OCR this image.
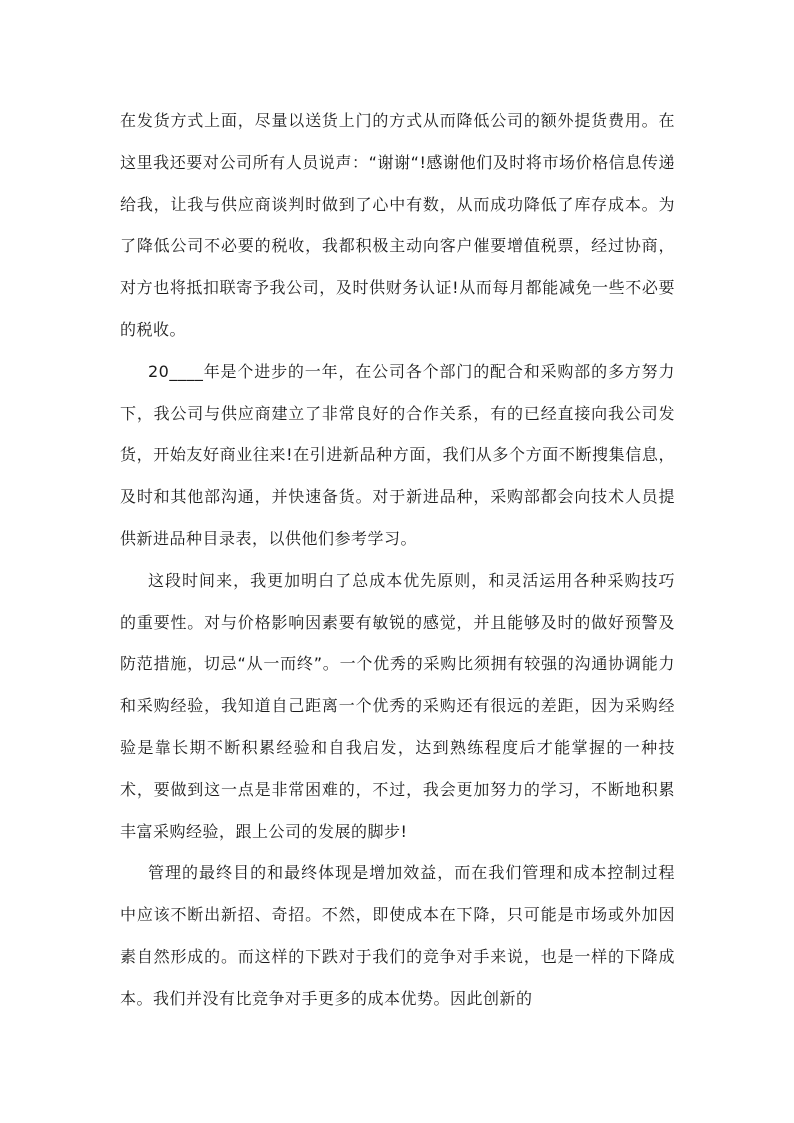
在发货方式上面，尽量以送货上门的方式从而降低公司的额外提货费用。在这里我还要对公司所有人员说声：“谢谢“!感谢他们及时将市场价格信息传递给我，让我与供应商谈判时做到了心中有数，从而成功降低了库存成本。为了降低公司不必要的税收，我都积极主动向客户催要增值税票，经过协商，对方也将抵扣联寄予我公司，及时供财务认证!从而每月都能减免一些不必要的税收。

20____年是个进步的一年，在公司各个部门的配合和采购部的多方努力下，我公司与供应商建立了非常良好的合作关系，有的已经直接向我公司发货，开始友好商业往来!在引进新品种方面，我们从多个方面不断搜集信息，及时和其他部沟通，并快速备货。对于新进品种，采购部都会向技术人员提供新进品种目录表，以供他们参考学习。

这段时间来，我更加明白了总成本优先原则，和灵活运用各种采购技巧的重要性。对与价格影响因素要有敏锐的感觉，并且能够及时的做好预警及防范措施，切忌“从一而终”。一个优秀的采购比须拥有较强的沟通协调能力和采购经验，我知道自己距离一个优秀的采购还有很远的差距，因为采购经验是靠长期不断积累经验和自我启发，达到熟练程度后才能掌握的一种技术，要做到这一点是非常困难的，不过，我会更加努力的学习，不断地积累丰富采购经验，跟上公司的发展的脚步!

管理的最终目的和最终体现是增加效益，而在我们管理和成本控制过程中应该不断出新招、奇招。不然，即使成本在下降，只可能是市场或外加因素自然形成的。而这样的下跌对于我们的竞争对手来说，也是一样的下降成本。我们并没有比竞争对手更多的成本优势。因此创新的
